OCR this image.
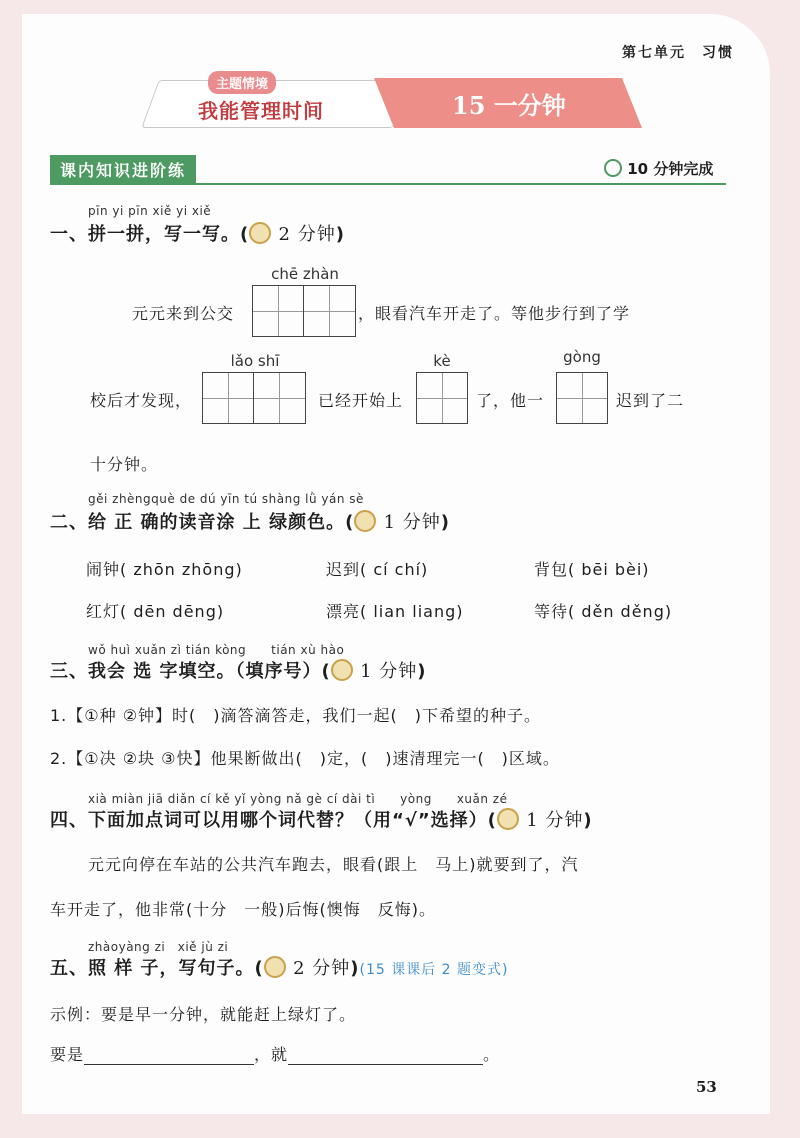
第七单元　习惯
主题情境
我能管理时间	15 一分钟
课内知识进阶练	10 分钟完成
pīn yi pīn xiě yi xiě
一、拼一拼，写一写。( 2 分钟)
chē zhàn
元元来到公交	，眼看汽车开走了。等他步行到了学
校后才发现，
lǎo shī
已经开始上
kè
了，他一
gòng
迟到了二
十分钟。
gěi zhèngquè de dú yīn tú shàng lǜ yán sè
二、给 正 确的读音涂 上 绿颜色。( 1 分钟)
闹钟( zhōn zhōng)	迟到( cí chí)	背包( bēi bèi)
红灯( dēn dēng)	漂亮( lian liang)	等待( děn děng)
wǒ huì xuǎn zì tián kòng　　tián xù hào
三、我会 选 字填空。（填序号）( 1 分钟)
1.【①种 ②钟】时(　)滴答滴答走，我们一起(　)下希望的种子。
2.【①决 ②块 ③快】他果断做出(　)定，(　)速清理完一(　)区域。
xià miàn jiā diǎn cí kě yǐ yòng nǎ gè cí dài tì　　yòng　　xuǎn zé
四、下面加点词可以用哪个词代替？（用“√”选择）( 1 分钟)
元元向停在车站的公共汽车跑去，眼看(跟上　马上)就要到了，汽
车开走了，他非常(十分　一般)后悔(懊悔　反悔)。
zhàoyàng zi　xiě jù zi
五、照 样 子，写句子。( 2 分钟)(15 课课后 2 题变式)
示例：要是早一分钟，就能赶上绿灯了。
要是	，就	。
53
